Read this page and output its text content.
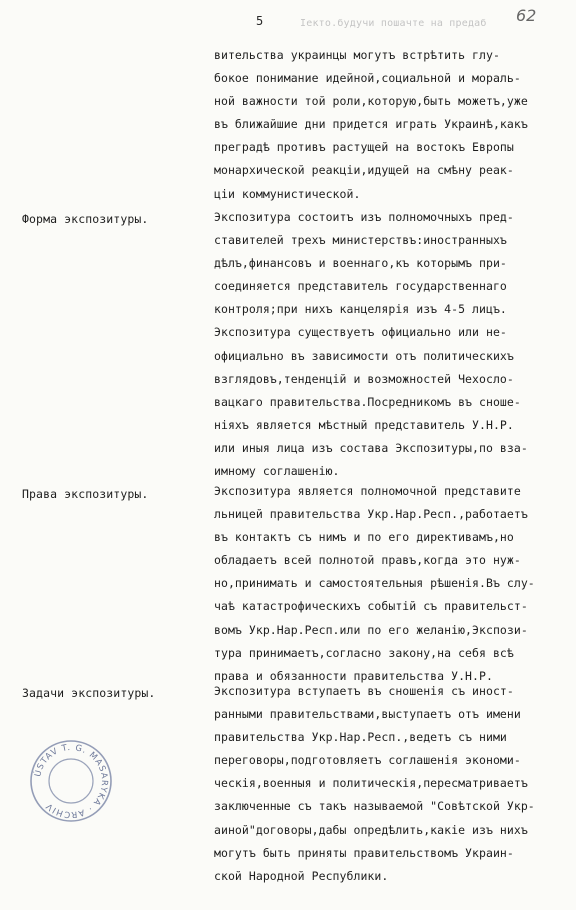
Іекто.будучи пошачте на предаб
5	62
вительства украинцы могутъ встрѣтить глу-
бокое понимание идейной,социальной и мораль-
ной важности той роли,которую,быть можетъ,уже
въ ближайшие дни придется играть Украинѣ,какъ
преградѣ противъ растущей на востокъ Европы
монархической реакцiи,идущей на смѣну реак-
цiи коммунистической.
Форма экспозитуры.	Экспозитура состоитъ изъ полномочныхъ пред-
ставителей трехъ министерствъ:иностранныхъ
дѣлъ,финансовъ и военнаго,къ которымъ при-
соединяется представитель государственнаго
контроля;при нихъ канцелярiя изъ 4-5 лицъ.
Экспозитура существуетъ официально или не-
официально въ зависимости отъ политическихъ
взглядовъ,тенденцiй и возможностей Чехосло-
вацкаго правительства.Посредникомъ въ сноше-
нiяхъ является мѣстный представитель У.Н.Р.
или иныя лица изъ состава Экспозитуры,по вза-
имному соглашенiю.
Права экспозитуры.	Экспозитура является полномочной представите
льницей правительства Укр.Нар.Респ.,работаетъ
въ контактъ съ нимъ и по его директивамъ,но
обладаетъ всей полнотой правъ,когда это нуж-
но,принимать и самостоятельныя рѣшенiя.Въ слу-
чаѣ катастрофическихъ событiй съ правительст-
вомъ Укр.Нар.Респ.или по его желанiю,Экспози-
тура принимаетъ,согласно закону,на себя всѣ
права и обязанности правительства У.Н.Р.
Задачи экспозитуры.	Экспозитура вступаетъ въ сношенiя съ иност-
ранными правительствами,выступаетъ отъ имени
правительства Укр.Нар.Респ.,ведетъ съ ними
переговоры,подготовляетъ соглашенiя экономи-
ческiя,военныя и политическiя,пересматриваетъ
заключенные съ такъ называемой "Совѣтской Укр-
аиной"договоры,дабы опредѣлить,какiе изъ нихъ
могутъ быть приняты правительствомъ Украин-
ской Народной Республики.
ÚSTAV T. G. MASARYKA · ARCHIV
